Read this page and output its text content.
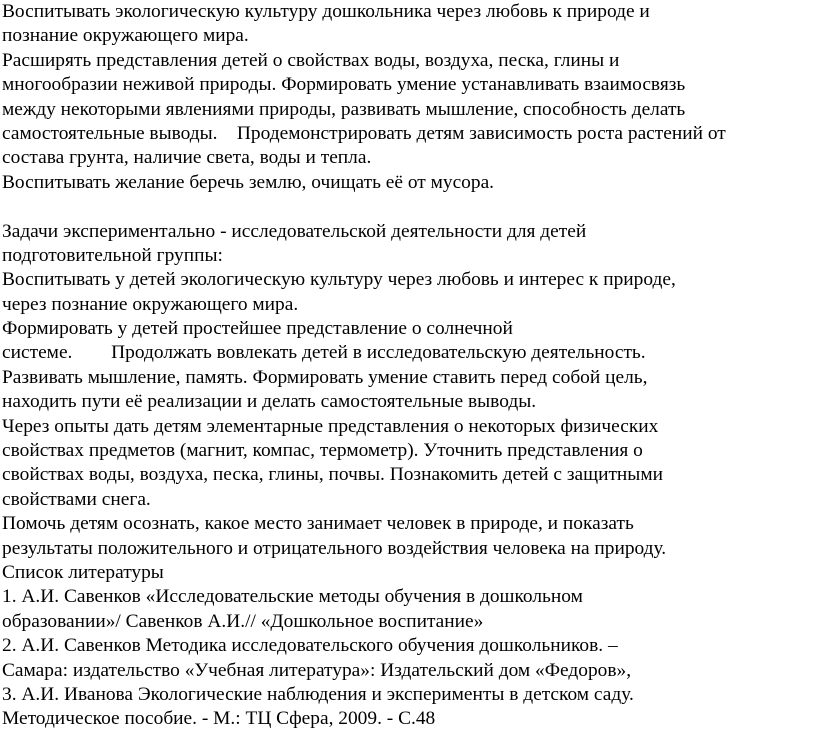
Воспитывать экологическую культуру дошкольника через любовь к природе и
познание окружающего мира.
Расширять представления детей о свойствах воды, воздуха, песка, глины и
многообразии неживой природы. Формировать умение устанавливать взаимосвязь
между некоторыми явлениями природы, развивать мышление, способность делать
самостоятельные выводы.    Продемонстрировать детям зависимость роста растений от
состава грунта, наличие света, воды и тепла.
Воспитывать желание беречь землю, очищать её от мусора.
Задачи экспериментально - исследовательской деятельности для детей
подготовительной группы:
Воспитывать у детей экологическую культуру через любовь и интерес к природе,
через познание окружающего мира.
Формировать у детей простейшее представление о солнечной
системе.        Продолжать вовлекать детей в исследовательскую деятельность.
Развивать мышление, память. Формировать умение ставить перед собой цель,
находить пути её реализации и делать самостоятельные выводы.
Через опыты дать детям элементарные представления о некоторых физических
свойствах предметов (магнит, компас, термометр). Уточнить представления о
свойствах воды, воздуха, песка, глины, почвы. Познакомить детей с защитными
свойствами снега.
Помочь детям осознать, какое место занимает человек в природе, и показать
результаты положительного и отрицательного воздействия человека на природу.
Список литературы
1. А.И. Савенков «Исследовательские методы обучения в дошкольном
образовании»/ Савенков А.И.// «Дошкольное воспитание»
2. А.И. Савенков Методика исследовательского обучения дошкольников. –
Самара: издательство «Учебная литература»: Издательский дом «Федоров»,
3. А.И. Иванова Экологические наблюдения и эксперименты в детском саду.
Методическое пособие. - М.: ТЦ Сфера, 2009. - С.48
